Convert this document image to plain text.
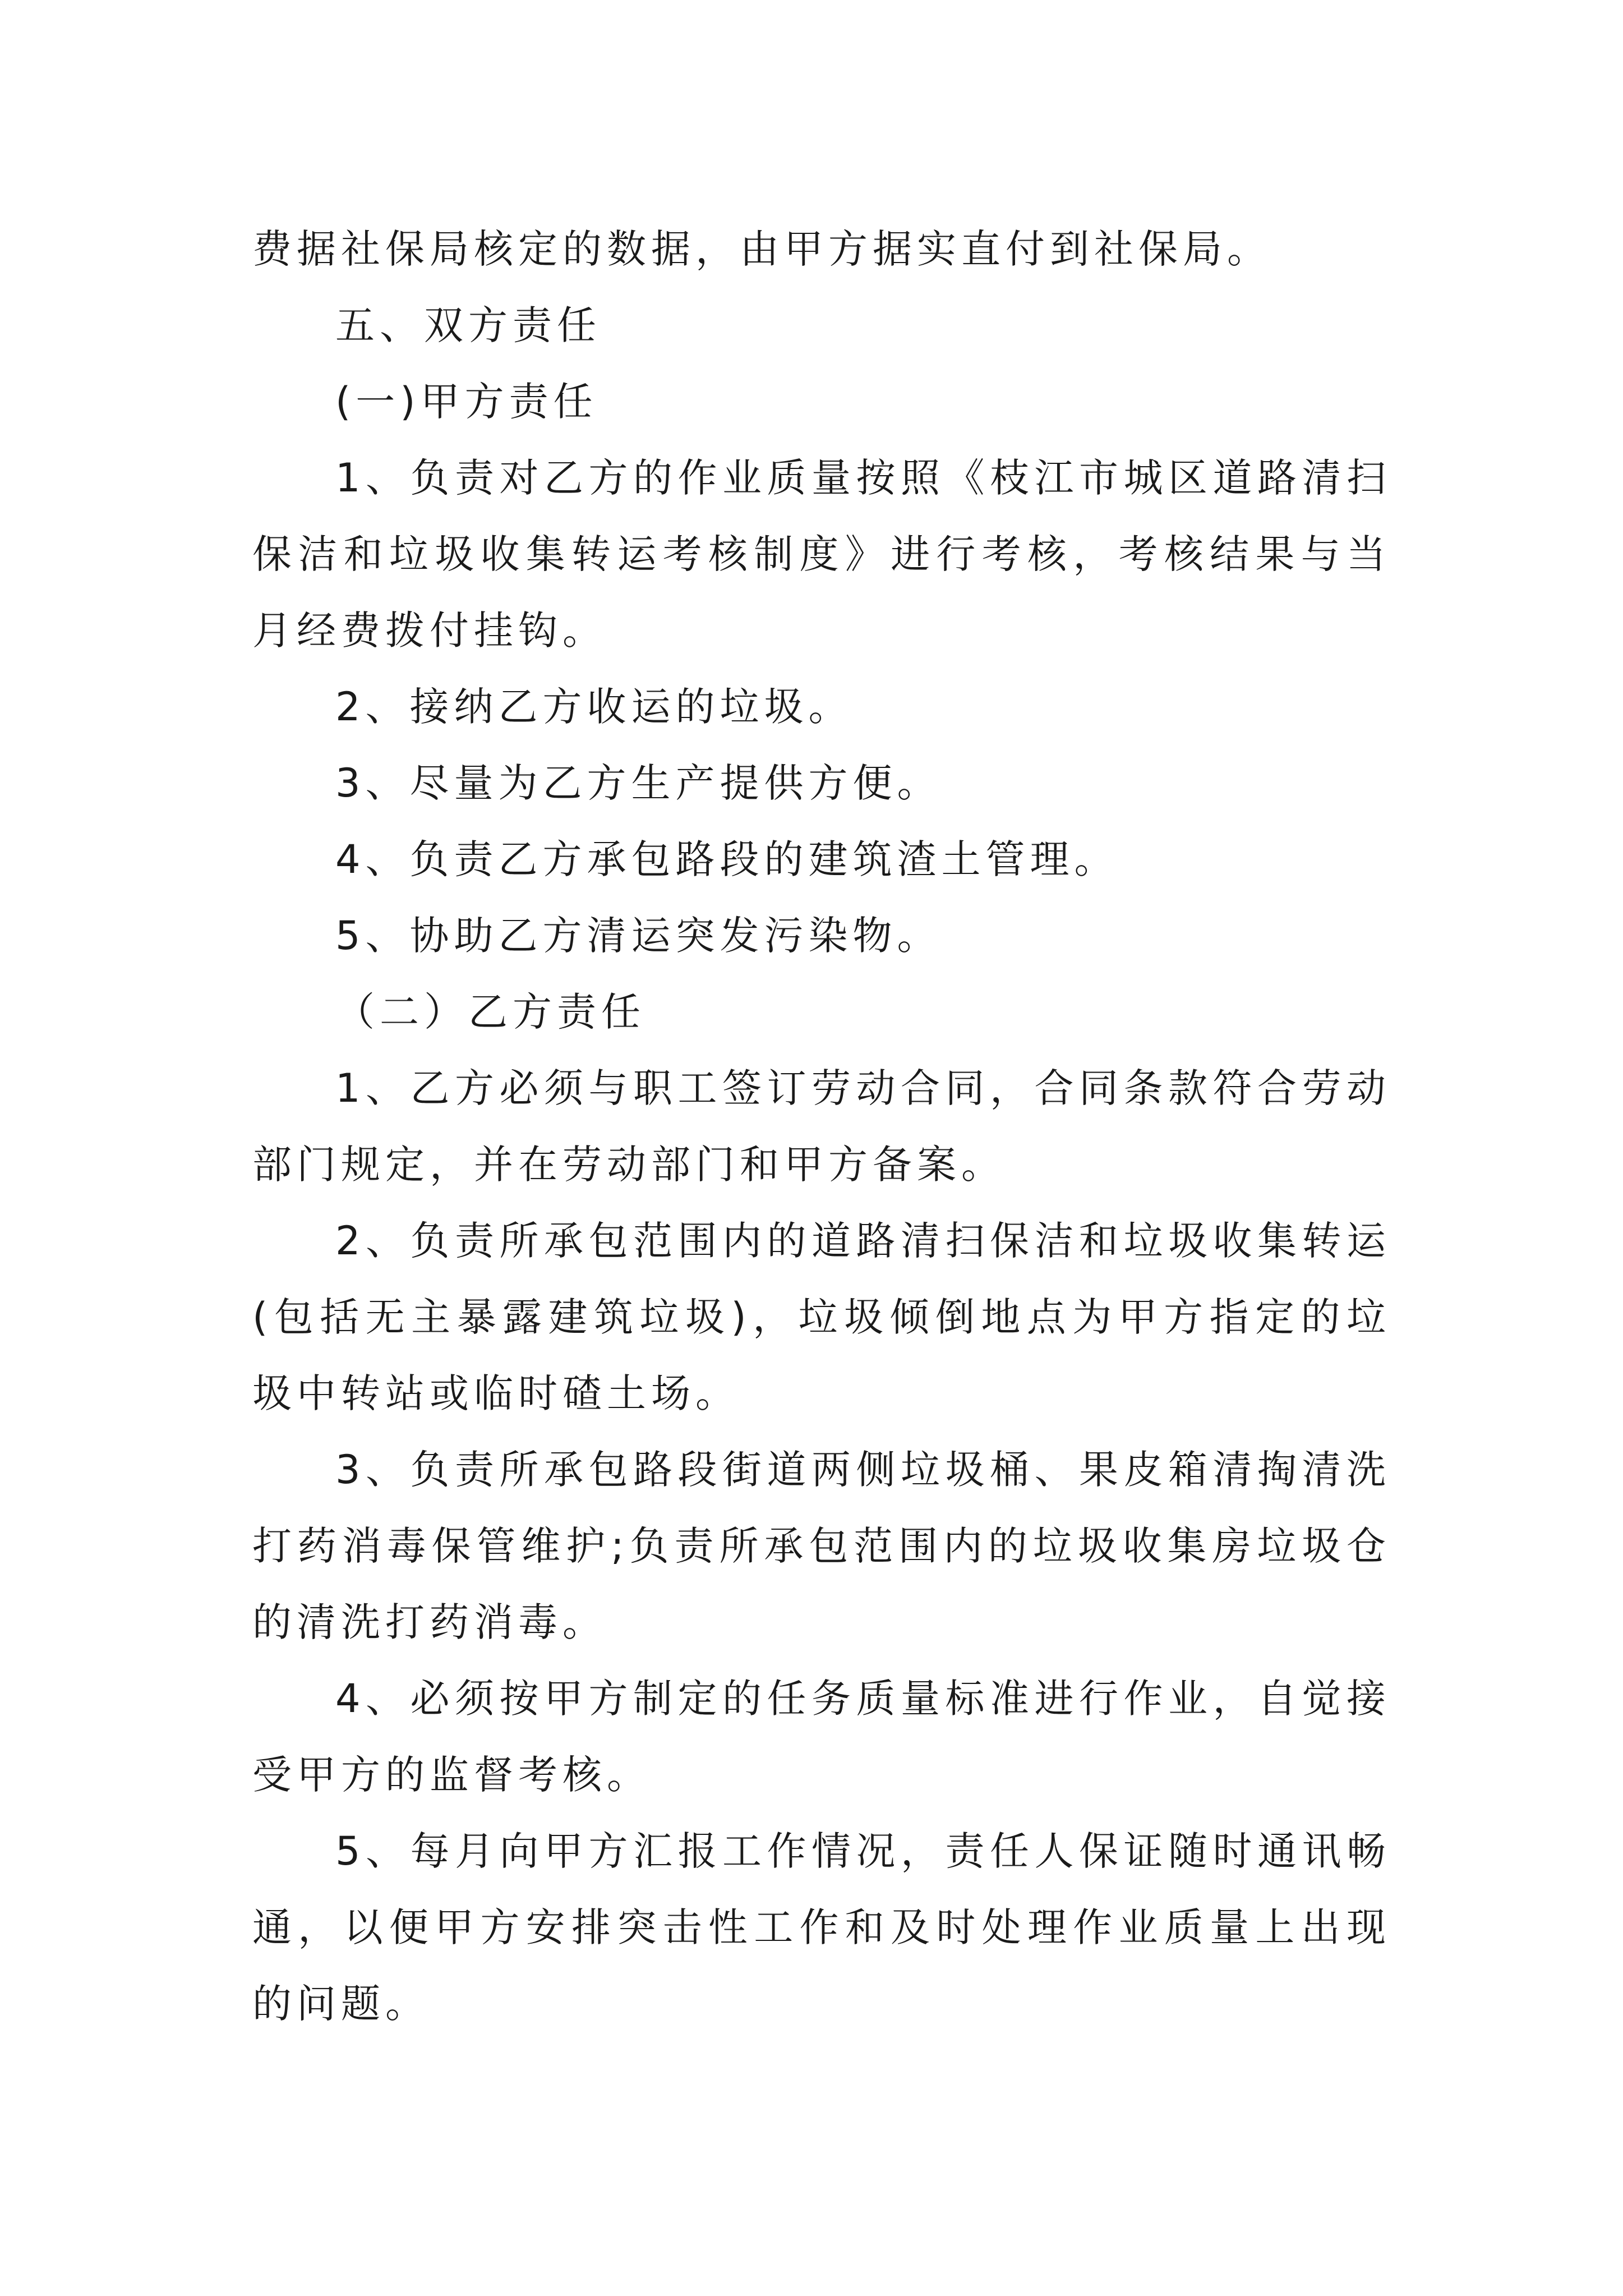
费据社保局核定的数据，由甲方据实直付到社保局。

五、双方责任

(一)甲方责任

1、负责对乙方的作业质量按照《枝江市城区道路清扫保洁和垃圾收集转运考核制度》进行考核，考核结果与当月经费拨付挂钩。

2、接纳乙方收运的垃圾。

3、尽量为乙方生产提供方便。

4、负责乙方承包路段的建筑渣土管理。

5、协助乙方清运突发污染物。

（二）乙方责任

1、乙方必须与职工签订劳动合同，合同条款符合劳动部门规定，并在劳动部门和甲方备案。

2、负责所承包范围内的道路清扫保洁和垃圾收集转运(包括无主暴露建筑垃圾)，垃圾倾倒地点为甲方指定的垃圾中转站或临时碴土场。

3、负责所承包路段街道两侧垃圾桶、果皮箱清掏清洗打药消毒保管维护;负责所承包范围内的垃圾收集房垃圾仓的清洗打药消毒。

4、必须按甲方制定的任务质量标准进行作业，自觉接受甲方的监督考核。

5、每月向甲方汇报工作情况，责任人保证随时通讯畅通，以便甲方安排突击性工作和及时处理作业质量上出现的问题。
